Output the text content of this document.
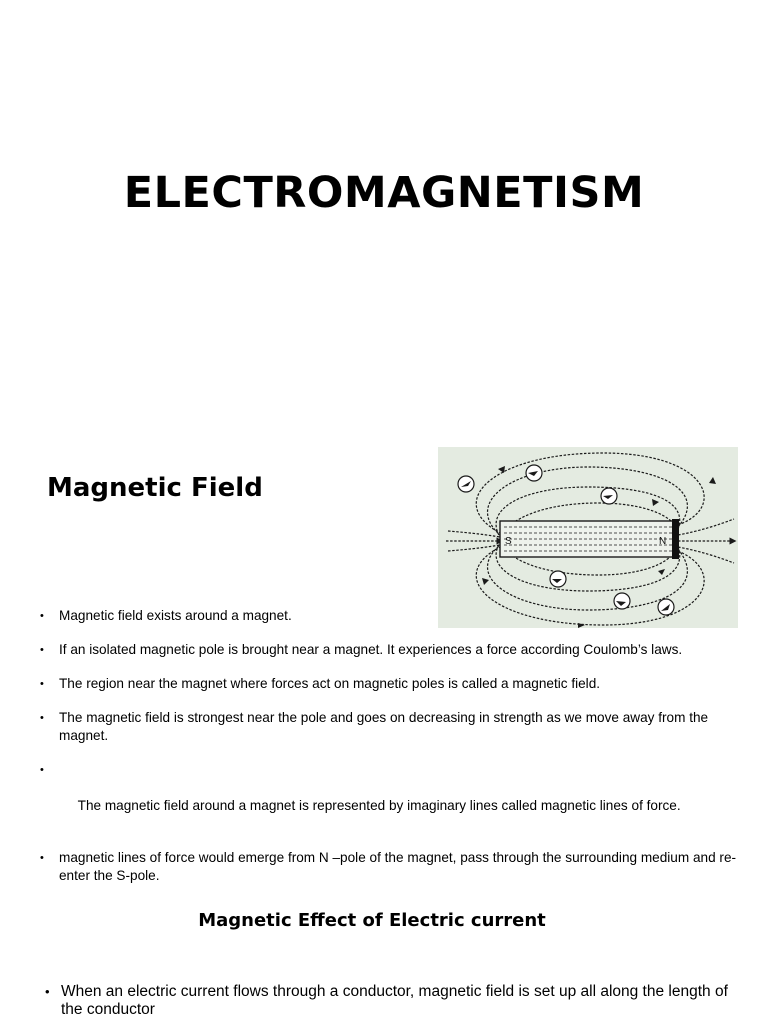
ELECTROMAGNETISM
Magnetic Field
S	N
• Magnetic field exists around a magnet.
• If an isolated magnetic pole is brought near a magnet. It experiences a force according Coulomb’s laws.
• The region near the magnet where forces act on magnetic poles is called a magnetic field.
• The magnetic field is strongest near the pole and goes on decreasing in strength as we move away from the magnet.

•

The magnetic field around a magnet is represented by imaginary lines called magnetic lines of force.

• magnetic lines of force would emerge from N –pole of the magnet, pass through the surrounding medium and re-enter the S-pole.
Magnetic Effect of Electric current
• When an electric current flows through a conductor, magnetic field is set up all along the length of the conductor
